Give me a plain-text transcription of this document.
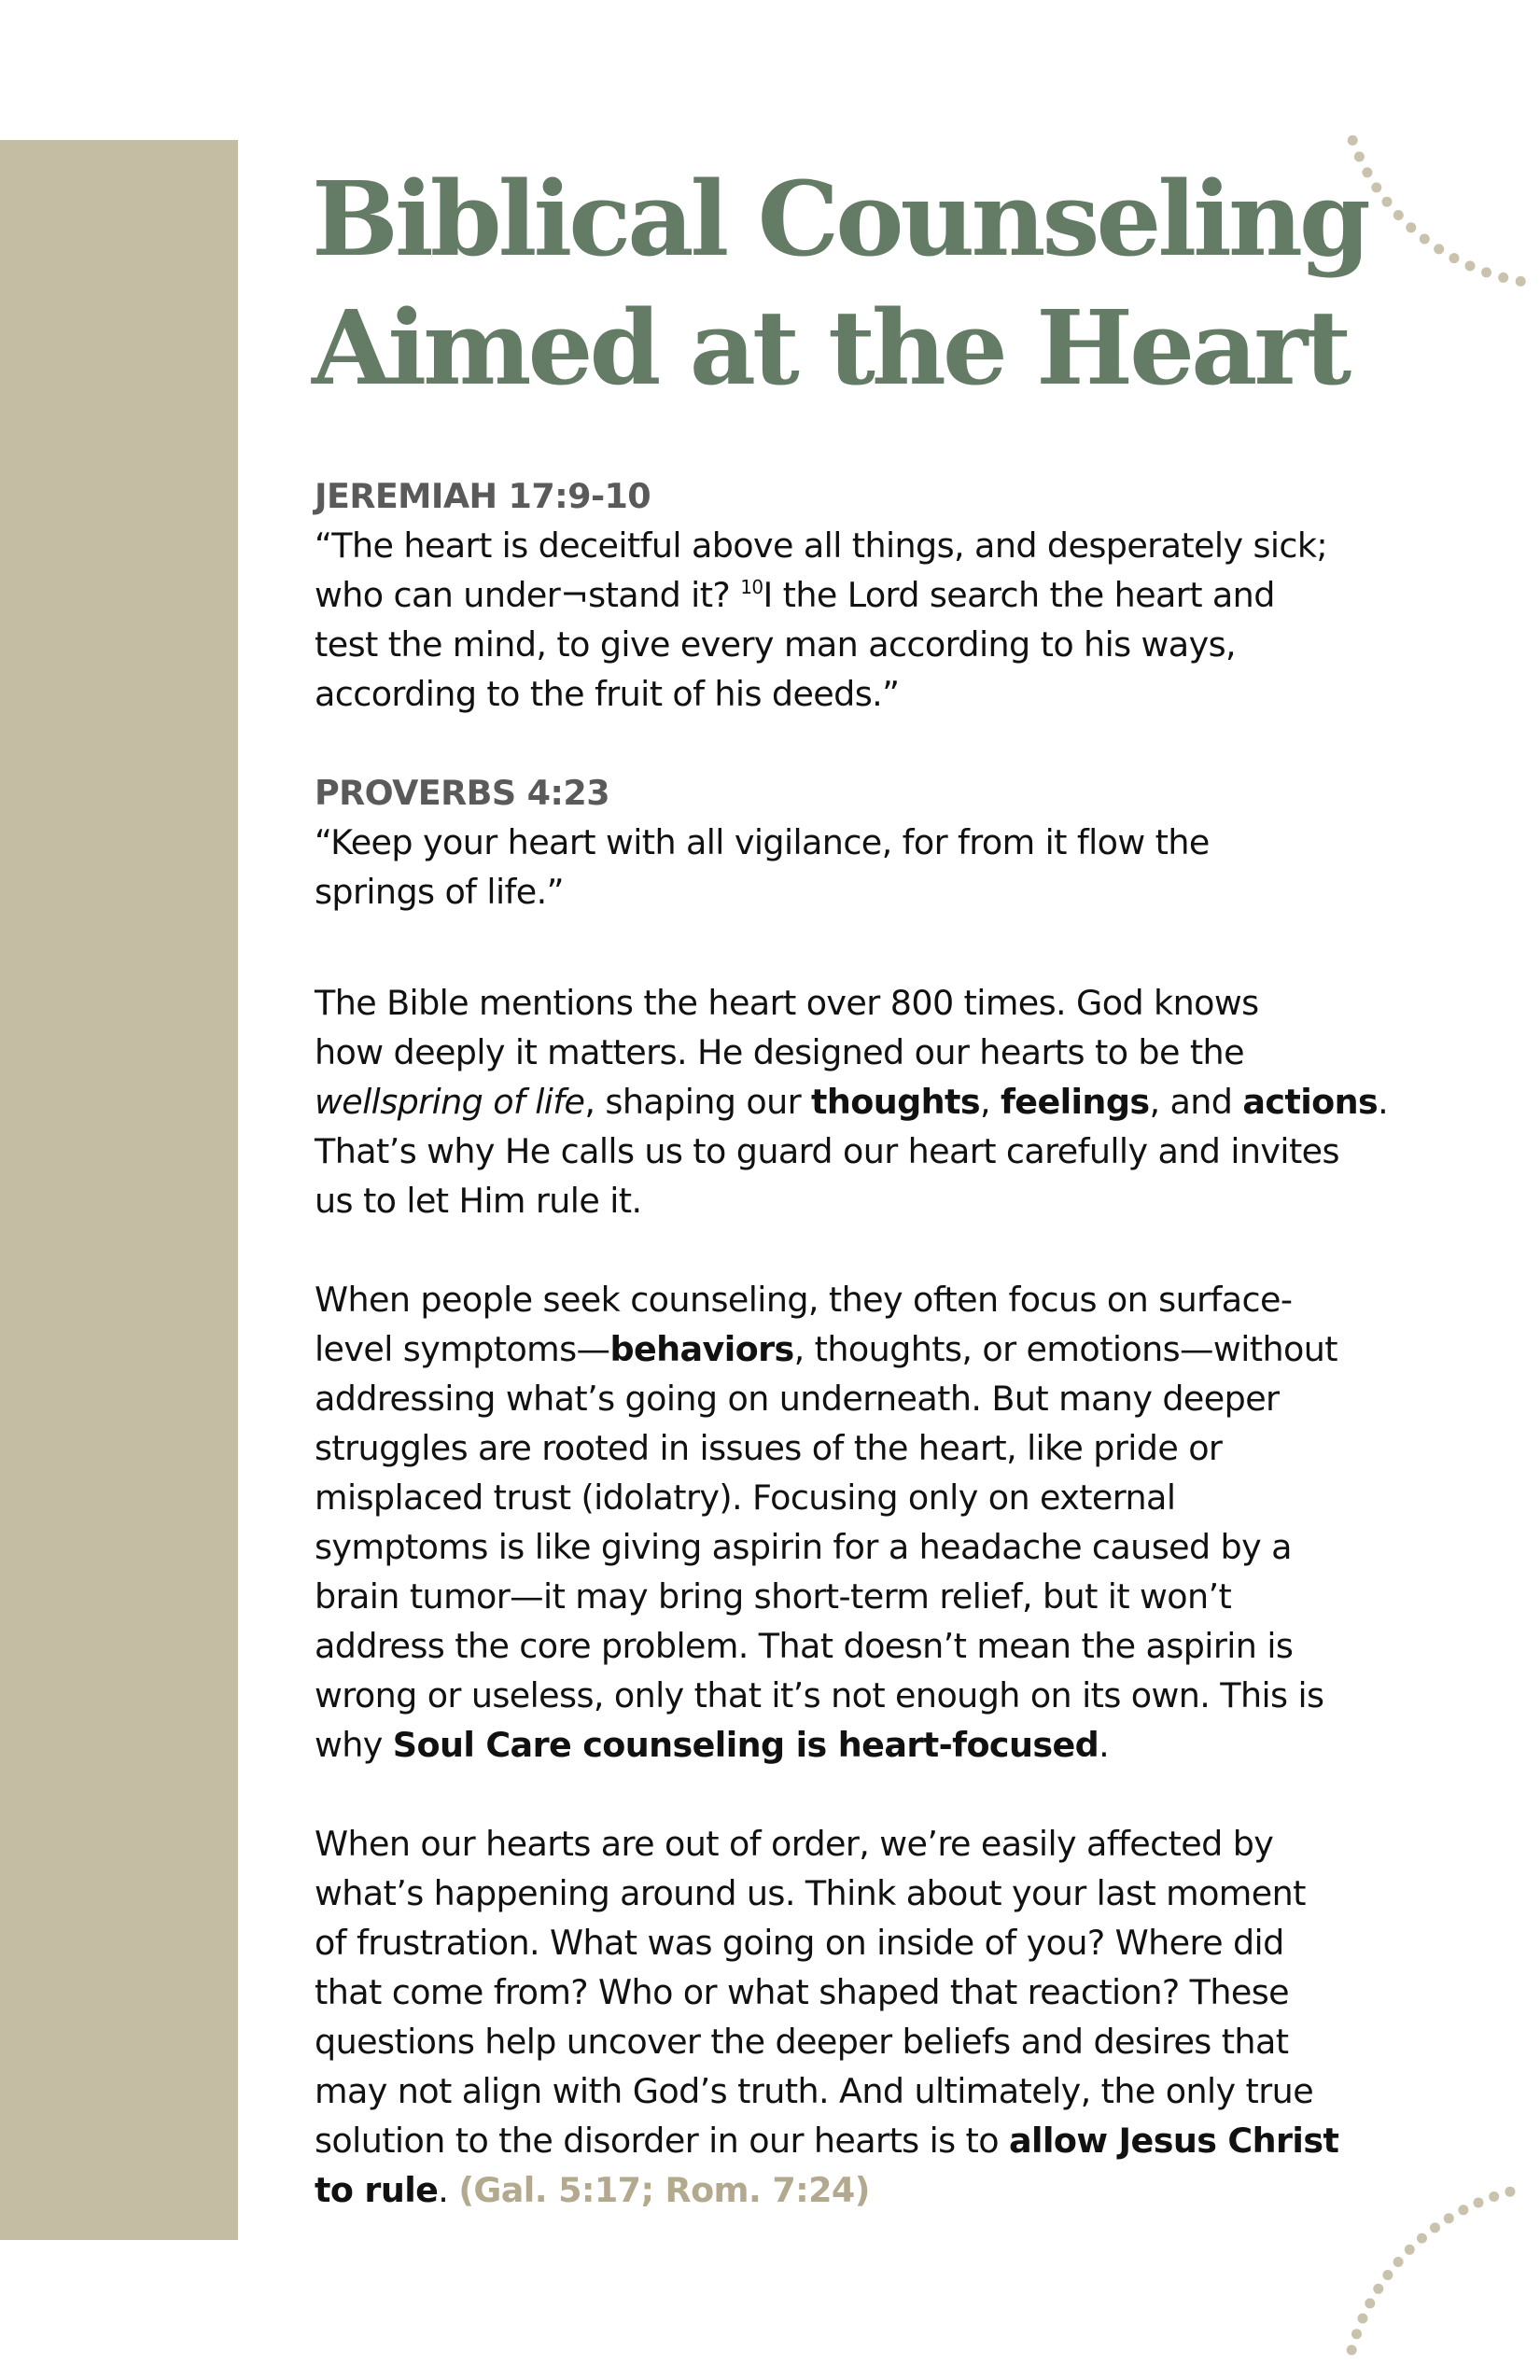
Biblical Counseling
Aimed at the Heart
JEREMIAH 17:9-10
“The heart is deceitful above all things, and desperately sick;
who can under¬stand it? $^{10}$I the Lord search the heart and
test the mind, to give every man according to his ways,
according to the fruit of his deeds.”
PROVERBS 4:23
“Keep your heart with all vigilance, for from it flow the
springs of life.”
The Bible mentions the heart over 800 times. God knows
how deeply it matters. He designed our hearts to be the
wellspring of life, shaping our thoughts, feelings, and actions.
That’s why He calls us to guard our heart carefully and invites
us to let Him rule it.
When people seek counseling, they often focus on surface-
level symptoms—behaviors, thoughts, or emotions—without
addressing what’s going on underneath. But many deeper
struggles are rooted in issues of the heart, like pride or
misplaced trust (idolatry). Focusing only on external
symptoms is like giving aspirin for a headache caused by a
brain tumor—it may bring short-term relief, but it won’t
address the core problem. That doesn’t mean the aspirin is
wrong or useless, only that it’s not enough on its own. This is
why Soul Care counseling is heart-focused.
When our hearts are out of order, we’re easily affected by
what’s happening around us. Think about your last moment
of frustration. What was going on inside of you? Where did
that come from? Who or what shaped that reaction? These
questions help uncover the deeper beliefs and desires that
may not align with God’s truth. And ultimately, the only true
solution to the disorder in our hearts is to allow Jesus Christ
to rule. (Gal. 5:17; Rom. 7:24)
